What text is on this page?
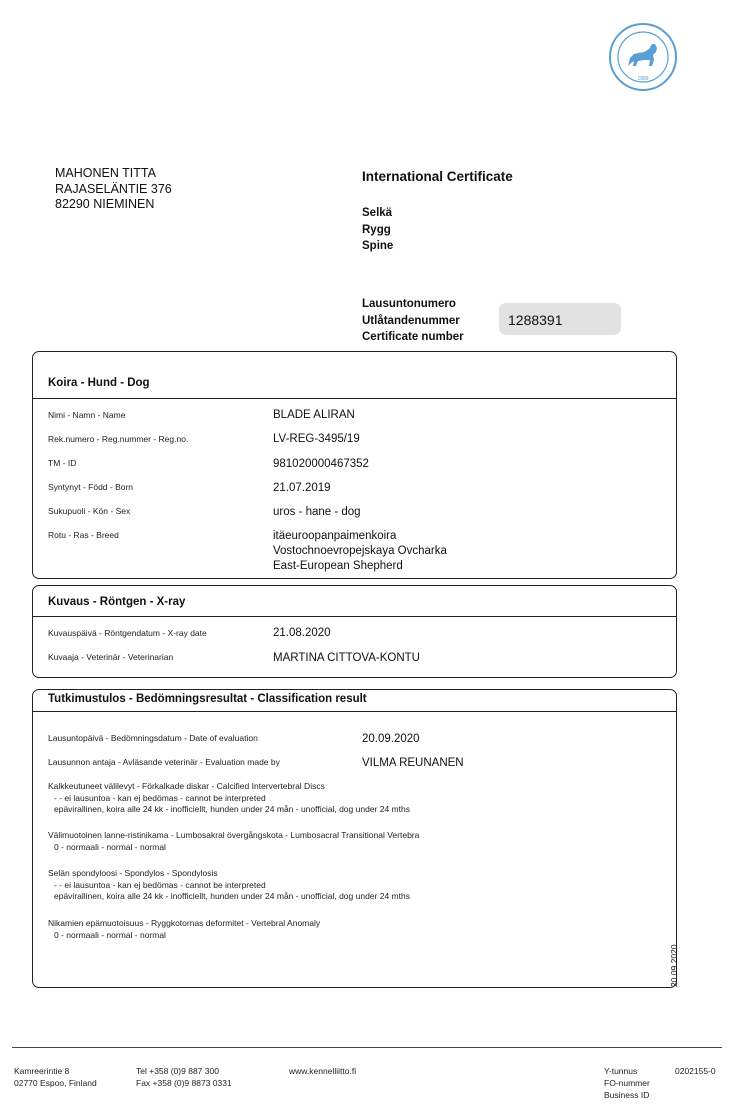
1889
MAHONEN TITTA
RAJASELÄNTIE 376
82290 NIEMINEN
International Certificate
Selkä
Rygg
Spine
Lausuntonumero
Utlåtandenummer
Certificate number
1288391
Koira - Hund - Dog
Nimi - Namn - Name	BLADE ALIRAN
Rek.numero - Reg.nummer - Reg.no.	LV-REG-3495/19
TM - ID	981020000467352
Syntynyt - Född - Born	21.07.2019
Sukupuoli - Kön - Sex	uros - hane - dog
Rotu - Ras - Breed	itäeuroopanpaimenkoira
Vostochnoevropejskaya Ovcharka
East-European Shepherd
Kuvaus - Röntgen - X-ray
Kuvauspäivä - Röntgendatum - X-ray date	21.08.2020
Kuvaaja - Veterinär - Veterinarian	MARTINA CITTOVA-KONTU
Tutkimustulos - Bedömningsresultat - Classification result
Lausuntopäivä - Bedömningsdatum - Date of evaluation	20.09.2020
Lausunnon antaja - Avläsande veterinär - Evaluation made by	VILMA REUNANEN
Kalkkeutuneet välilevyt - Förkalkade diskar - Calcified Intervertebral Discs
- - ei lausuntoa - kan ej bedömas - cannot be interpreted
epävirallinen, koira alle 24 kk - inofficiellt, hunden under 24 mån - unofficial, dog under 24 mths
Välimuotoinen lanne-ristinikama - Lumbosakral övergångskota - Lumbosacral Transitional Vertebra
0 - normaali - normal - normal
Selän spondyloosi - Spondylos - Spondylosis
- - ei lausuntoa - kan ej bedömas - cannot be interpreted
epävirallinen, koira alle 24 kk - inofficiellt, hunden under 24 mån - unofficial, dog under 24 mths
Nikamien epämuotoisuus - Ryggkotornas deformitet - Vertebral Anomaly
0 - normaali - normal - normal
20.09.2020
Kamreerintie 8
02770 Espoo, Finland
Tel +358 (0)9 887 300
Fax +358 (0)9 8873 0331
www.kennelliitto.fi	Y-tunnus
FO-nummer
Business ID
0202155-0
